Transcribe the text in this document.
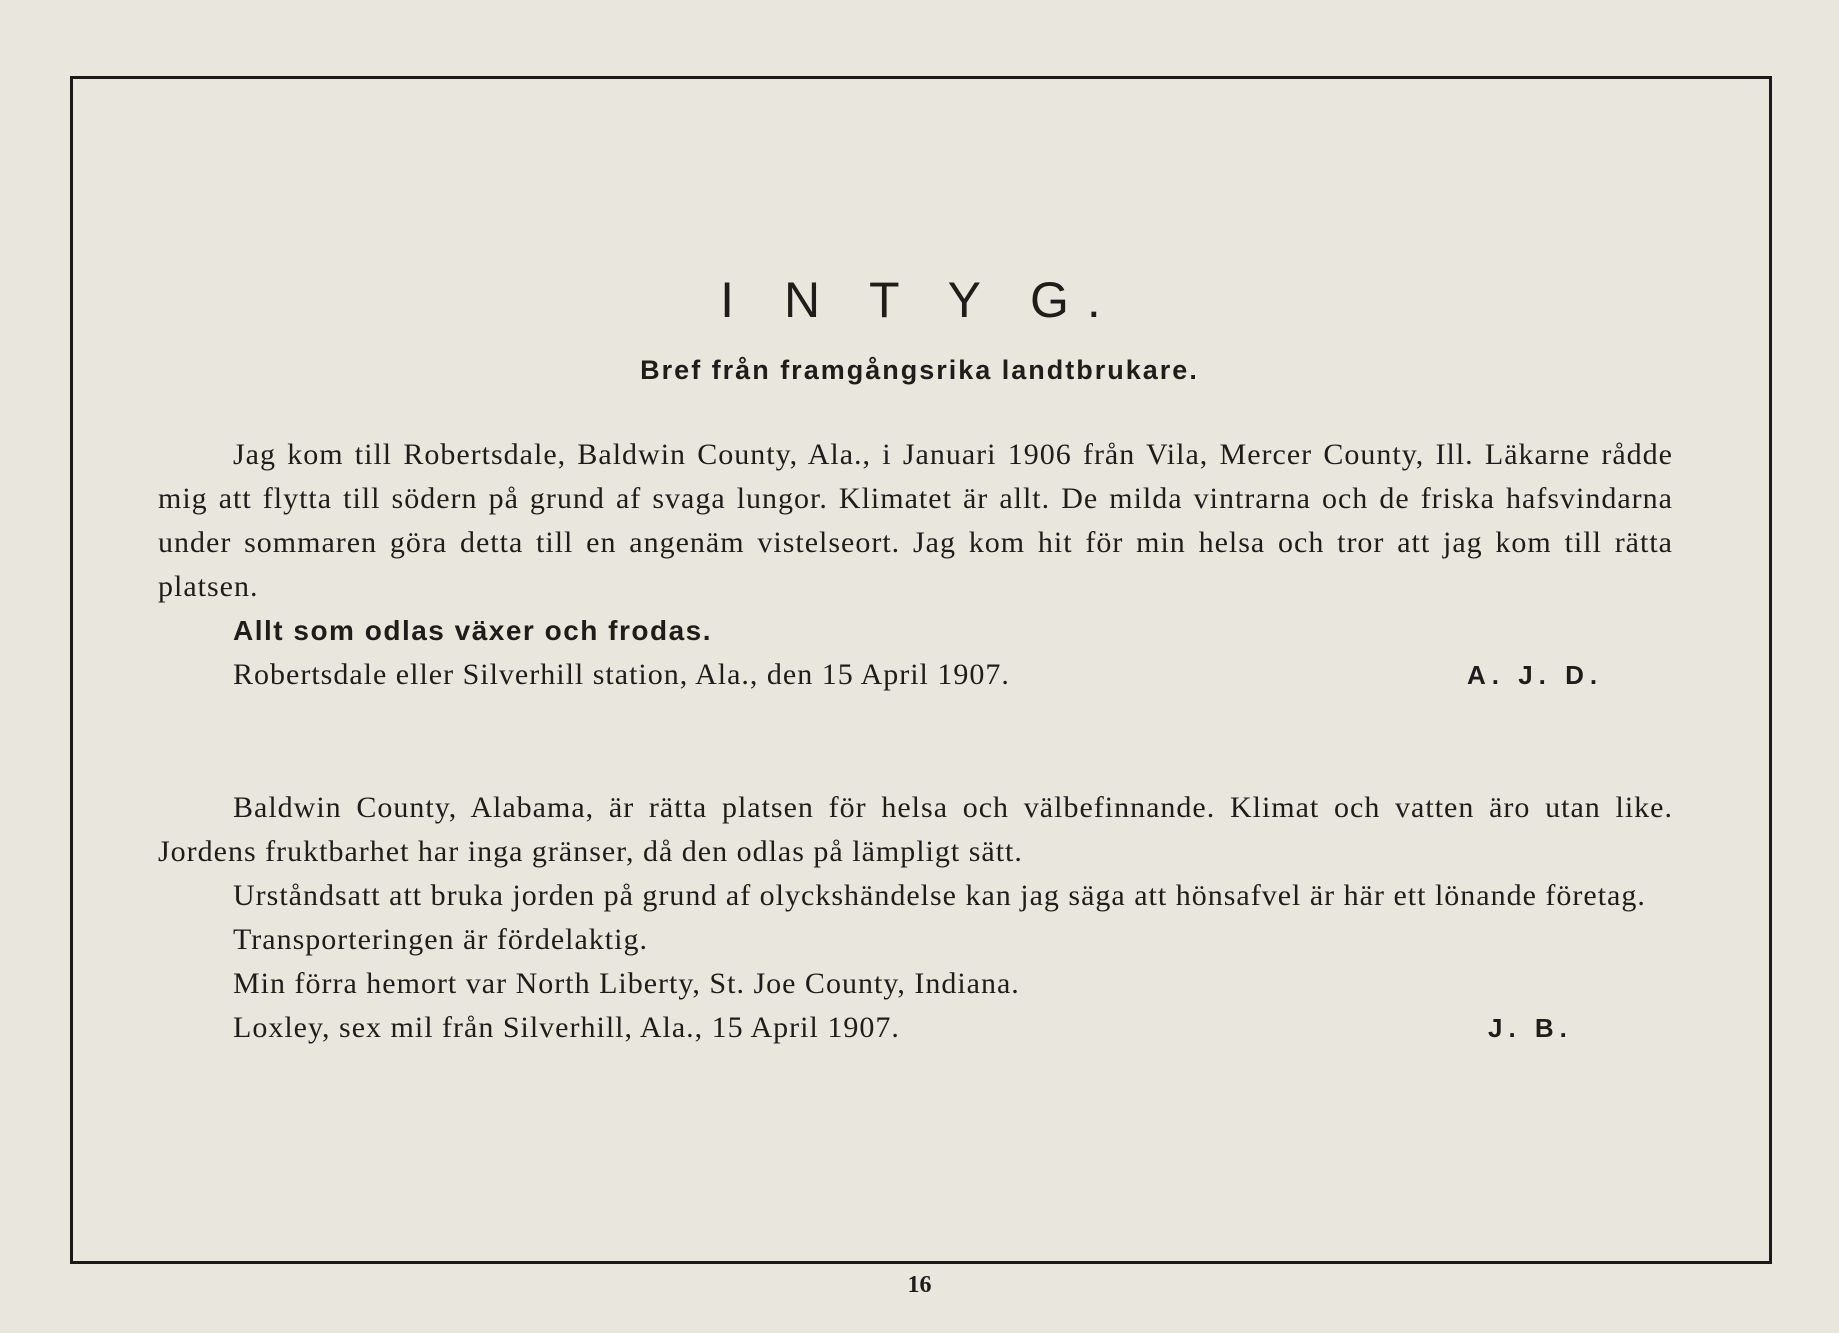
I N T Y G.
Bref från framgångsrika landtbrukare.

Jag kom till Robertsdale, Baldwin County, Ala., i Januari 1906 från Vila, Mercer County, Ill. Läkarne rådde mig att flytta till södern på grund af svaga lungor. Klimatet är allt. De milda vintrarna och de friska hafsvindarna under sommaren göra detta till en angenäm vistelseort. Jag kom hit för min helsa och tror att jag kom till rätta platsen.

Allt som odlas växer och frodas.
Robertsdale eller Silverhill station, Ala., den 15 April 1907.	A. J. D.

Baldwin County, Alabama, är rätta platsen för helsa och välbefinnande. Klimat och vatten äro utan like. Jordens fruktbarhet har inga gränser, då den odlas på lämpligt sätt.

Urståndsatt att bruka jorden på grund af olyckshändelse kan jag säga att hönsafvel är här ett lönande företag.

Transporteringen är fördelaktig.
Min förra hemort var North Liberty, St. Joe County, Indiana.
Loxley, sex mil från Silverhill, Ala., 15 April 1907.	J. B.
16
